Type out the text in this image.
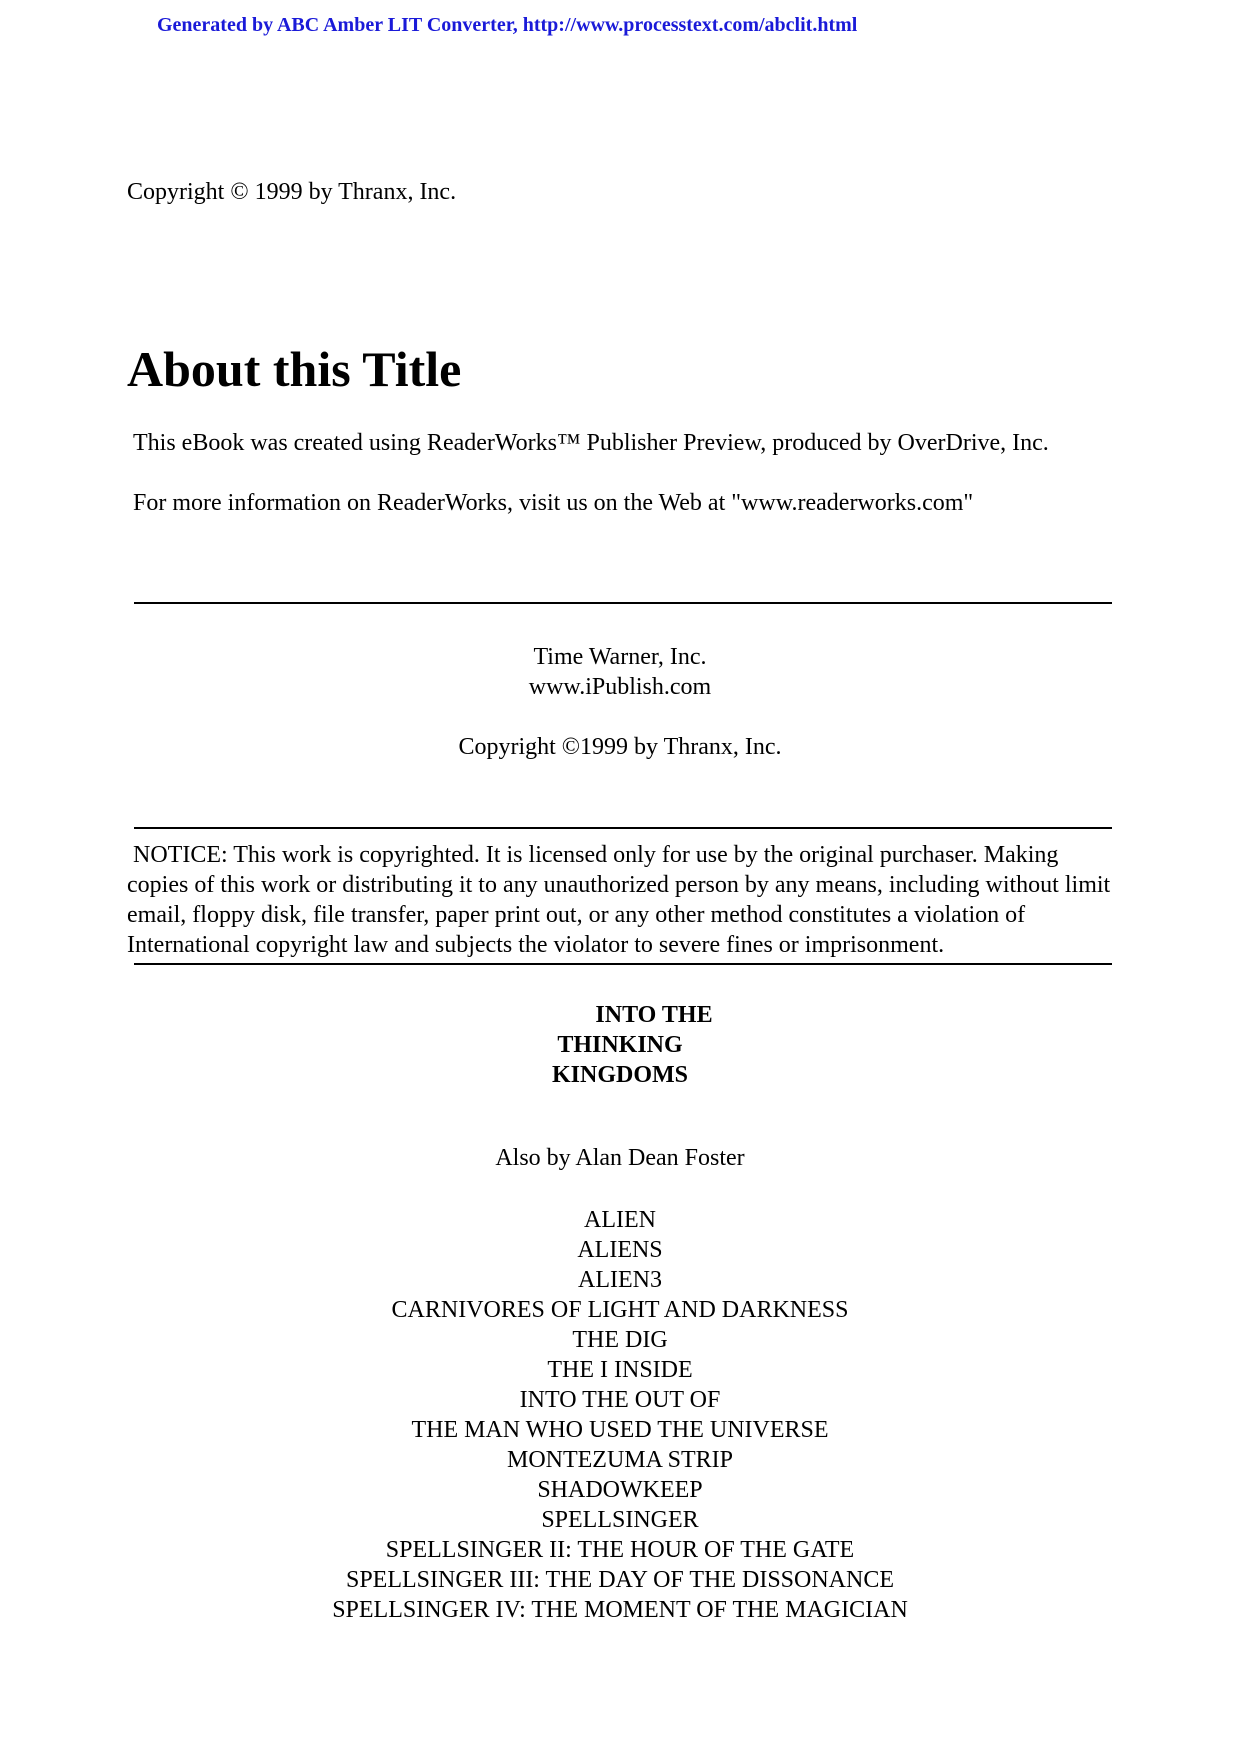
Generated by ABC Amber LIT Converter, http://www.processtext.com/abclit.html
Copyright © 1999 by Thranx, Inc.
About this Title
This eBook was created using ReaderWorks™ Publisher Preview, produced by OverDrive, Inc.
For more information on ReaderWorks, visit us on the Web at "www.readerworks.com"
Time Warner, Inc.
www.iPublish.com
Copyright ©1999 by Thranx, Inc.
NOTICE: This work is copyrighted. It is licensed only for use by the original purchaser. Making copies of this work or distributing it to any unauthorized person by any means, including without limit email, floppy disk, file transfer, paper print out, or any other method constitutes a violation of International copyright law and subjects the violator to severe fines or imprisonment.
INTO THE
THINKING
KINGDOMS
Also by Alan Dean Foster
ALIEN
ALIENS
ALIEN3
CARNIVORES OF LIGHT AND DARKNESS
THE DIG
THE I INSIDE
INTO THE OUT OF
THE MAN WHO USED THE UNIVERSE
MONTEZUMA STRIP
SHADOWKEEP
SPELLSINGER
SPELLSINGER II: THE HOUR OF THE GATE
SPELLSINGER III: THE DAY OF THE DISSONANCE
SPELLSINGER IV: THE MOMENT OF THE MAGICIAN
